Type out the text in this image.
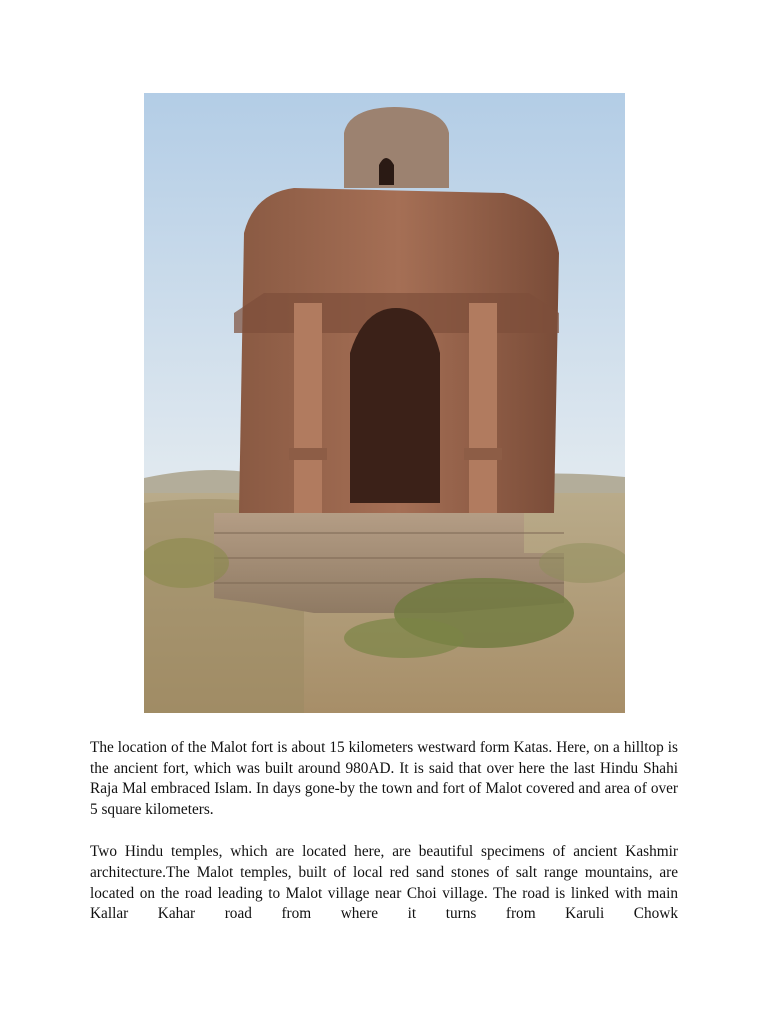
The location of the Malot fort is about 15 kilometers westward form Katas. Here, on a hilltop is the ancient fort, which was built around 980AD. It is said that over here the last Hindu Shahi Raja Mal embraced Islam. In days gone-by the town and fort of Malot covered and area of over 5 square kilometers.

Two Hindu temples, which are located here, are beautiful specimens of ancient Kashmir architecture.The Malot temples, built of local red sand stones of salt range mountains, are located on the road leading to Malot village near Choi village. The road is linked with main Kallar Kahar road from where it turns from Karuli Chowk
